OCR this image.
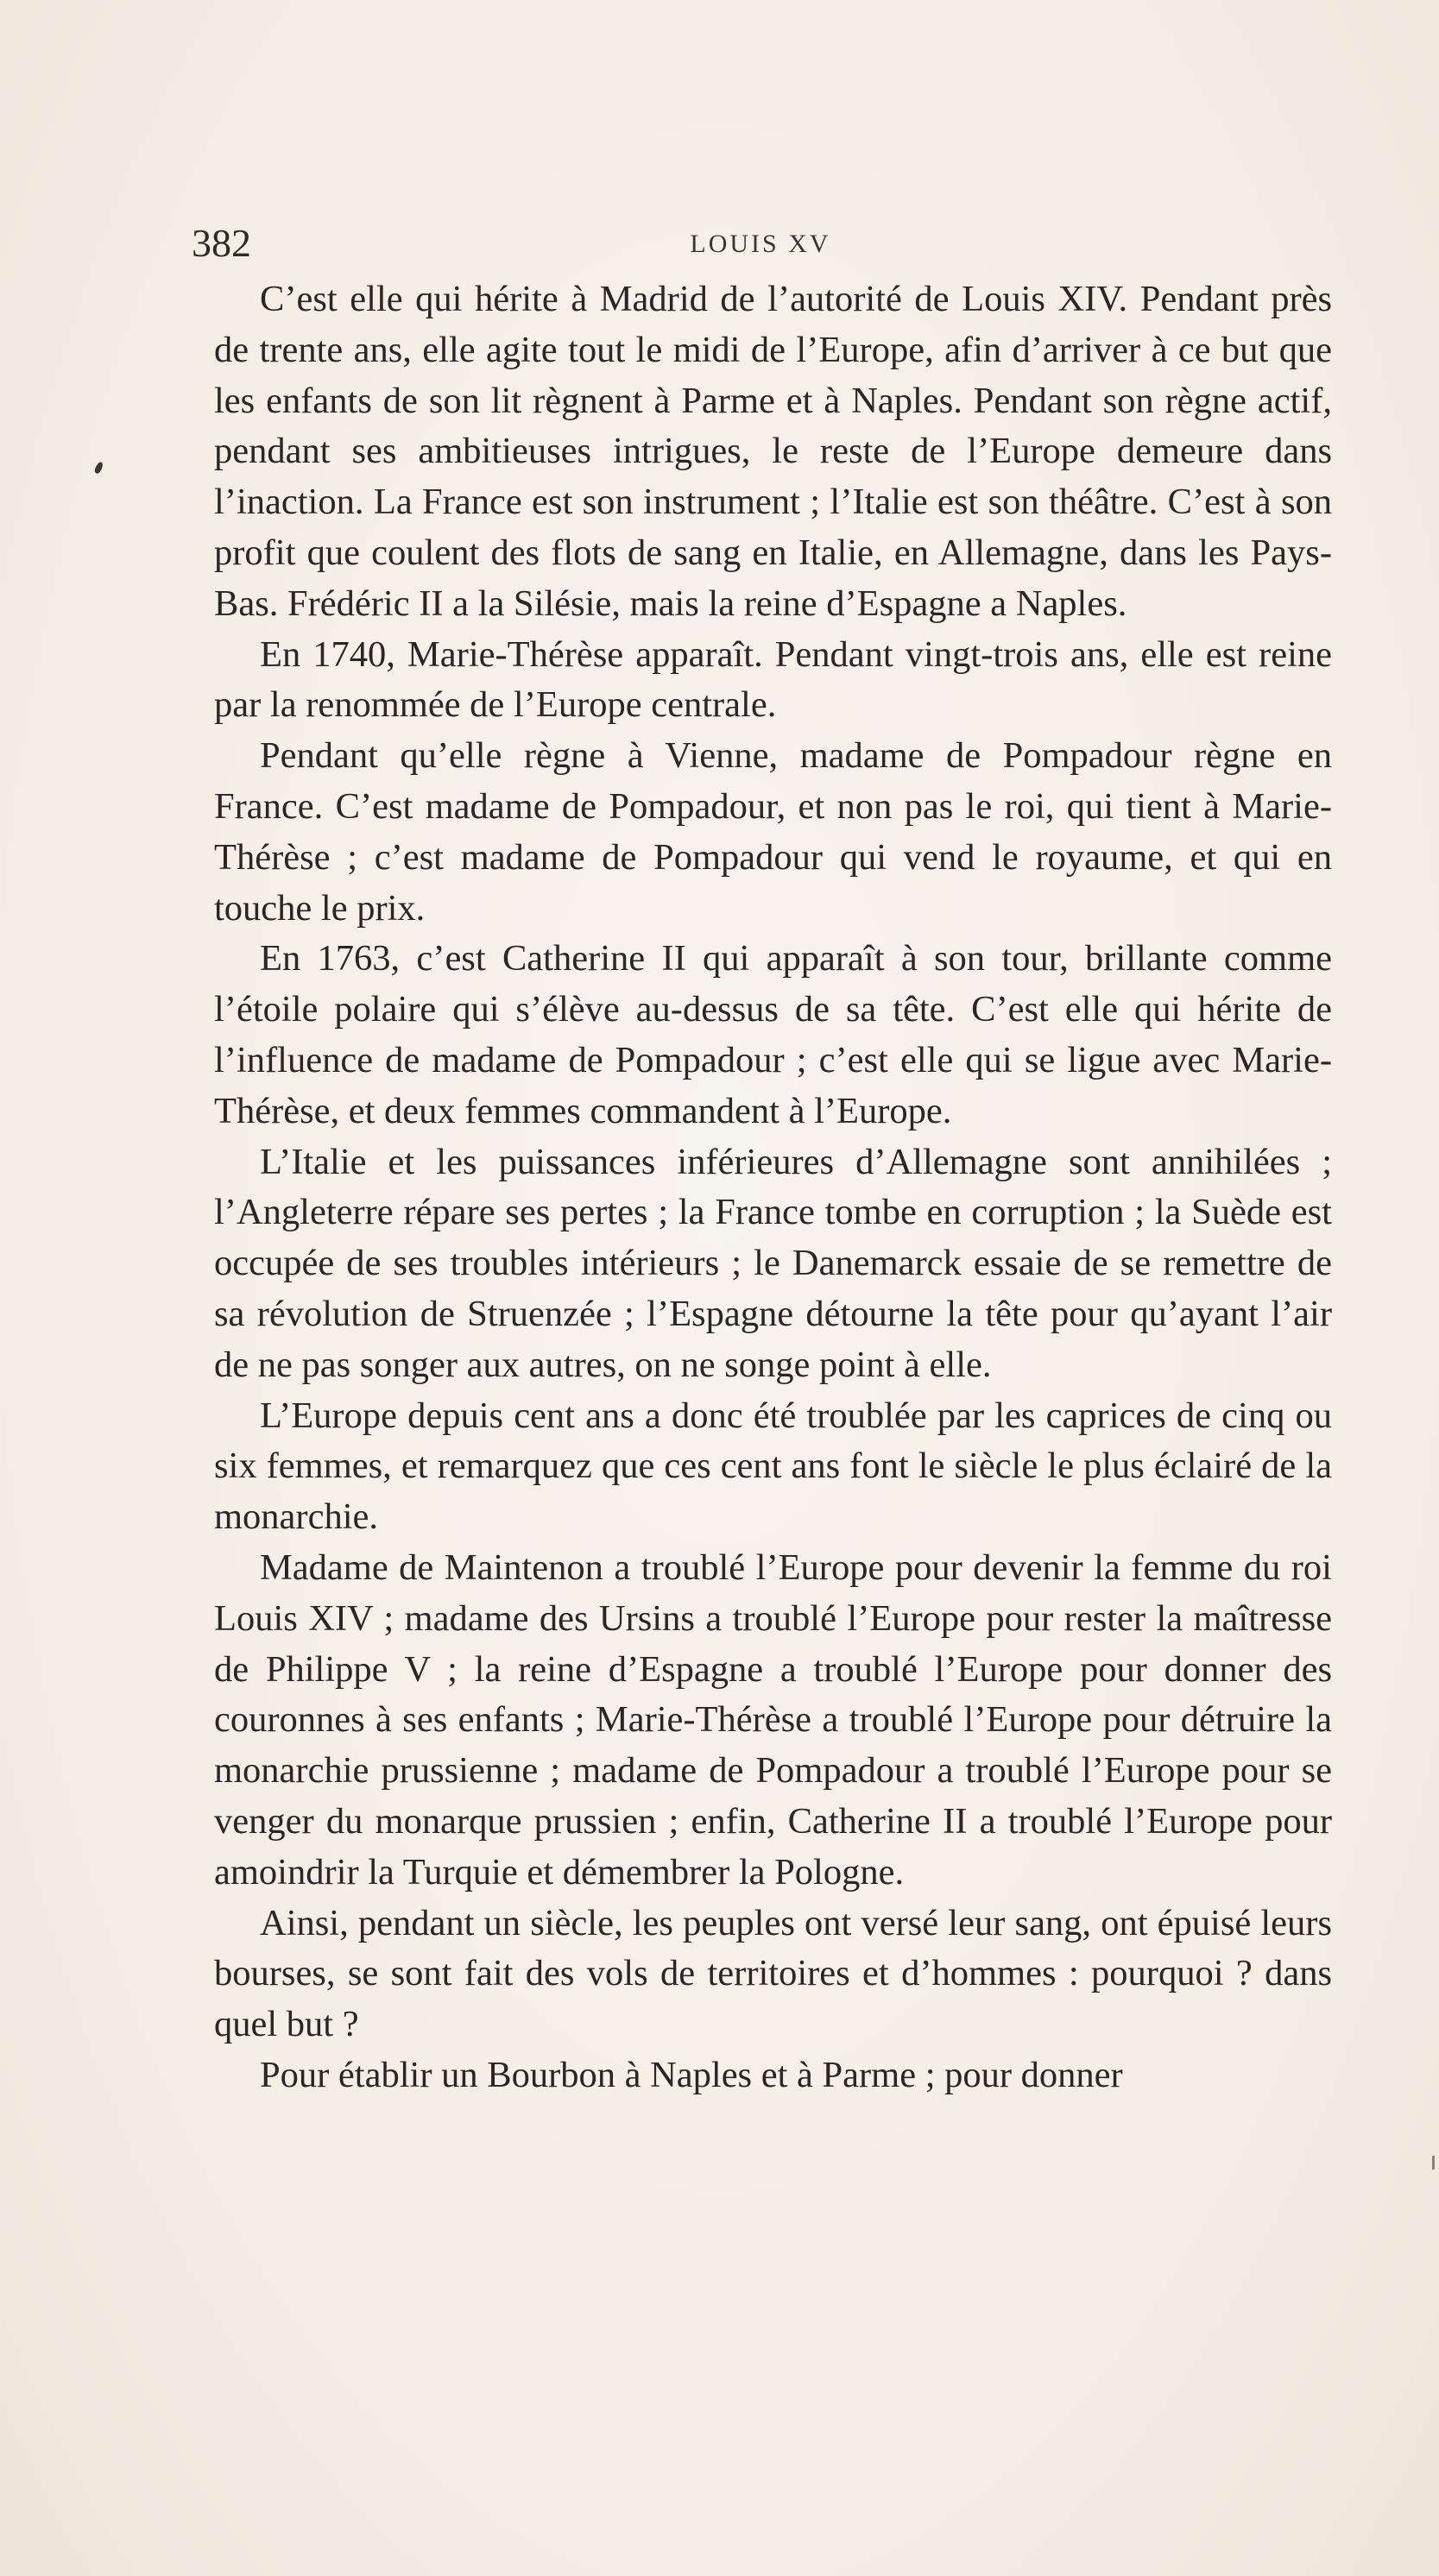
382	LOUIS XV

C’est elle qui hérite à Madrid de l’autorité de Louis XIV. Pendant près de trente ans, elle agite tout le midi de l’Europe, afin d’arriver à ce but que les enfants de son lit règnent à Parme et à Naples. Pendant son règne actif, pendant ses ambitieuses intrigues, le reste de l’Europe demeure dans l’inaction. La France est son instrument ; l’Italie est son théâtre. C’est à son profit que coulent des flots de sang en Italie, en Allemagne, dans les Pays-Bas. Frédéric II a la Silésie, mais la reine d’Espagne a Naples.

En 1740, Marie-Thérèse apparaît. Pendant vingt-trois ans, elle est reine par la renommée de l’Europe centrale.

Pendant qu’elle règne à Vienne, madame de Pompadour règne en France. C’est madame de Pompadour, et non pas le roi, qui tient à Marie-Thérèse ; c’est madame de Pompadour qui vend le royaume, et qui en touche le prix.

En 1763, c’est Catherine II qui apparaît à son tour, brillante comme l’étoile polaire qui s’élève au-dessus de sa tête. C’est elle qui hérite de l’influence de madame de Pompadour ; c’est elle qui se ligue avec Marie-Thérèse, et deux femmes commandent à l’Europe.

L’Italie et les puissances inférieures d’Allemagne sont annihilées ; l’Angleterre répare ses pertes ; la France tombe en corruption ; la Suède est occupée de ses troubles intérieurs ; le Danemarck essaie de se remettre de sa révolution de Struenzée ; l’Espagne détourne la tête pour qu’ayant l’air de ne pas songer aux autres, on ne songe point à elle.

L’Europe depuis cent ans a donc été troublée par les caprices de cinq ou six femmes, et remarquez que ces cent ans font le siècle le plus éclairé de la monarchie.

Madame de Maintenon a troublé l’Europe pour devenir la femme du roi Louis XIV ; madame des Ursins a troublé l’Europe pour rester la maîtresse de Philippe V ; la reine d’Espagne a troublé l’Europe pour donner des couronnes à ses enfants ; Marie-Thérèse a troublé l’Europe pour détruire la monarchie prussienne ; madame de Pompadour a troublé l’Europe pour se venger du monarque prussien ; enfin, Catherine II a troublé l’Europe pour amoindrir la Turquie et démembrer la Pologne.

Ainsi, pendant un siècle, les peuples ont versé leur sang, ont épuisé leurs bourses, se sont fait des vols de territoires et d’hommes : pourquoi ? dans quel but ?

Pour établir un Bourbon à Naples et à Parme ; pour donner
